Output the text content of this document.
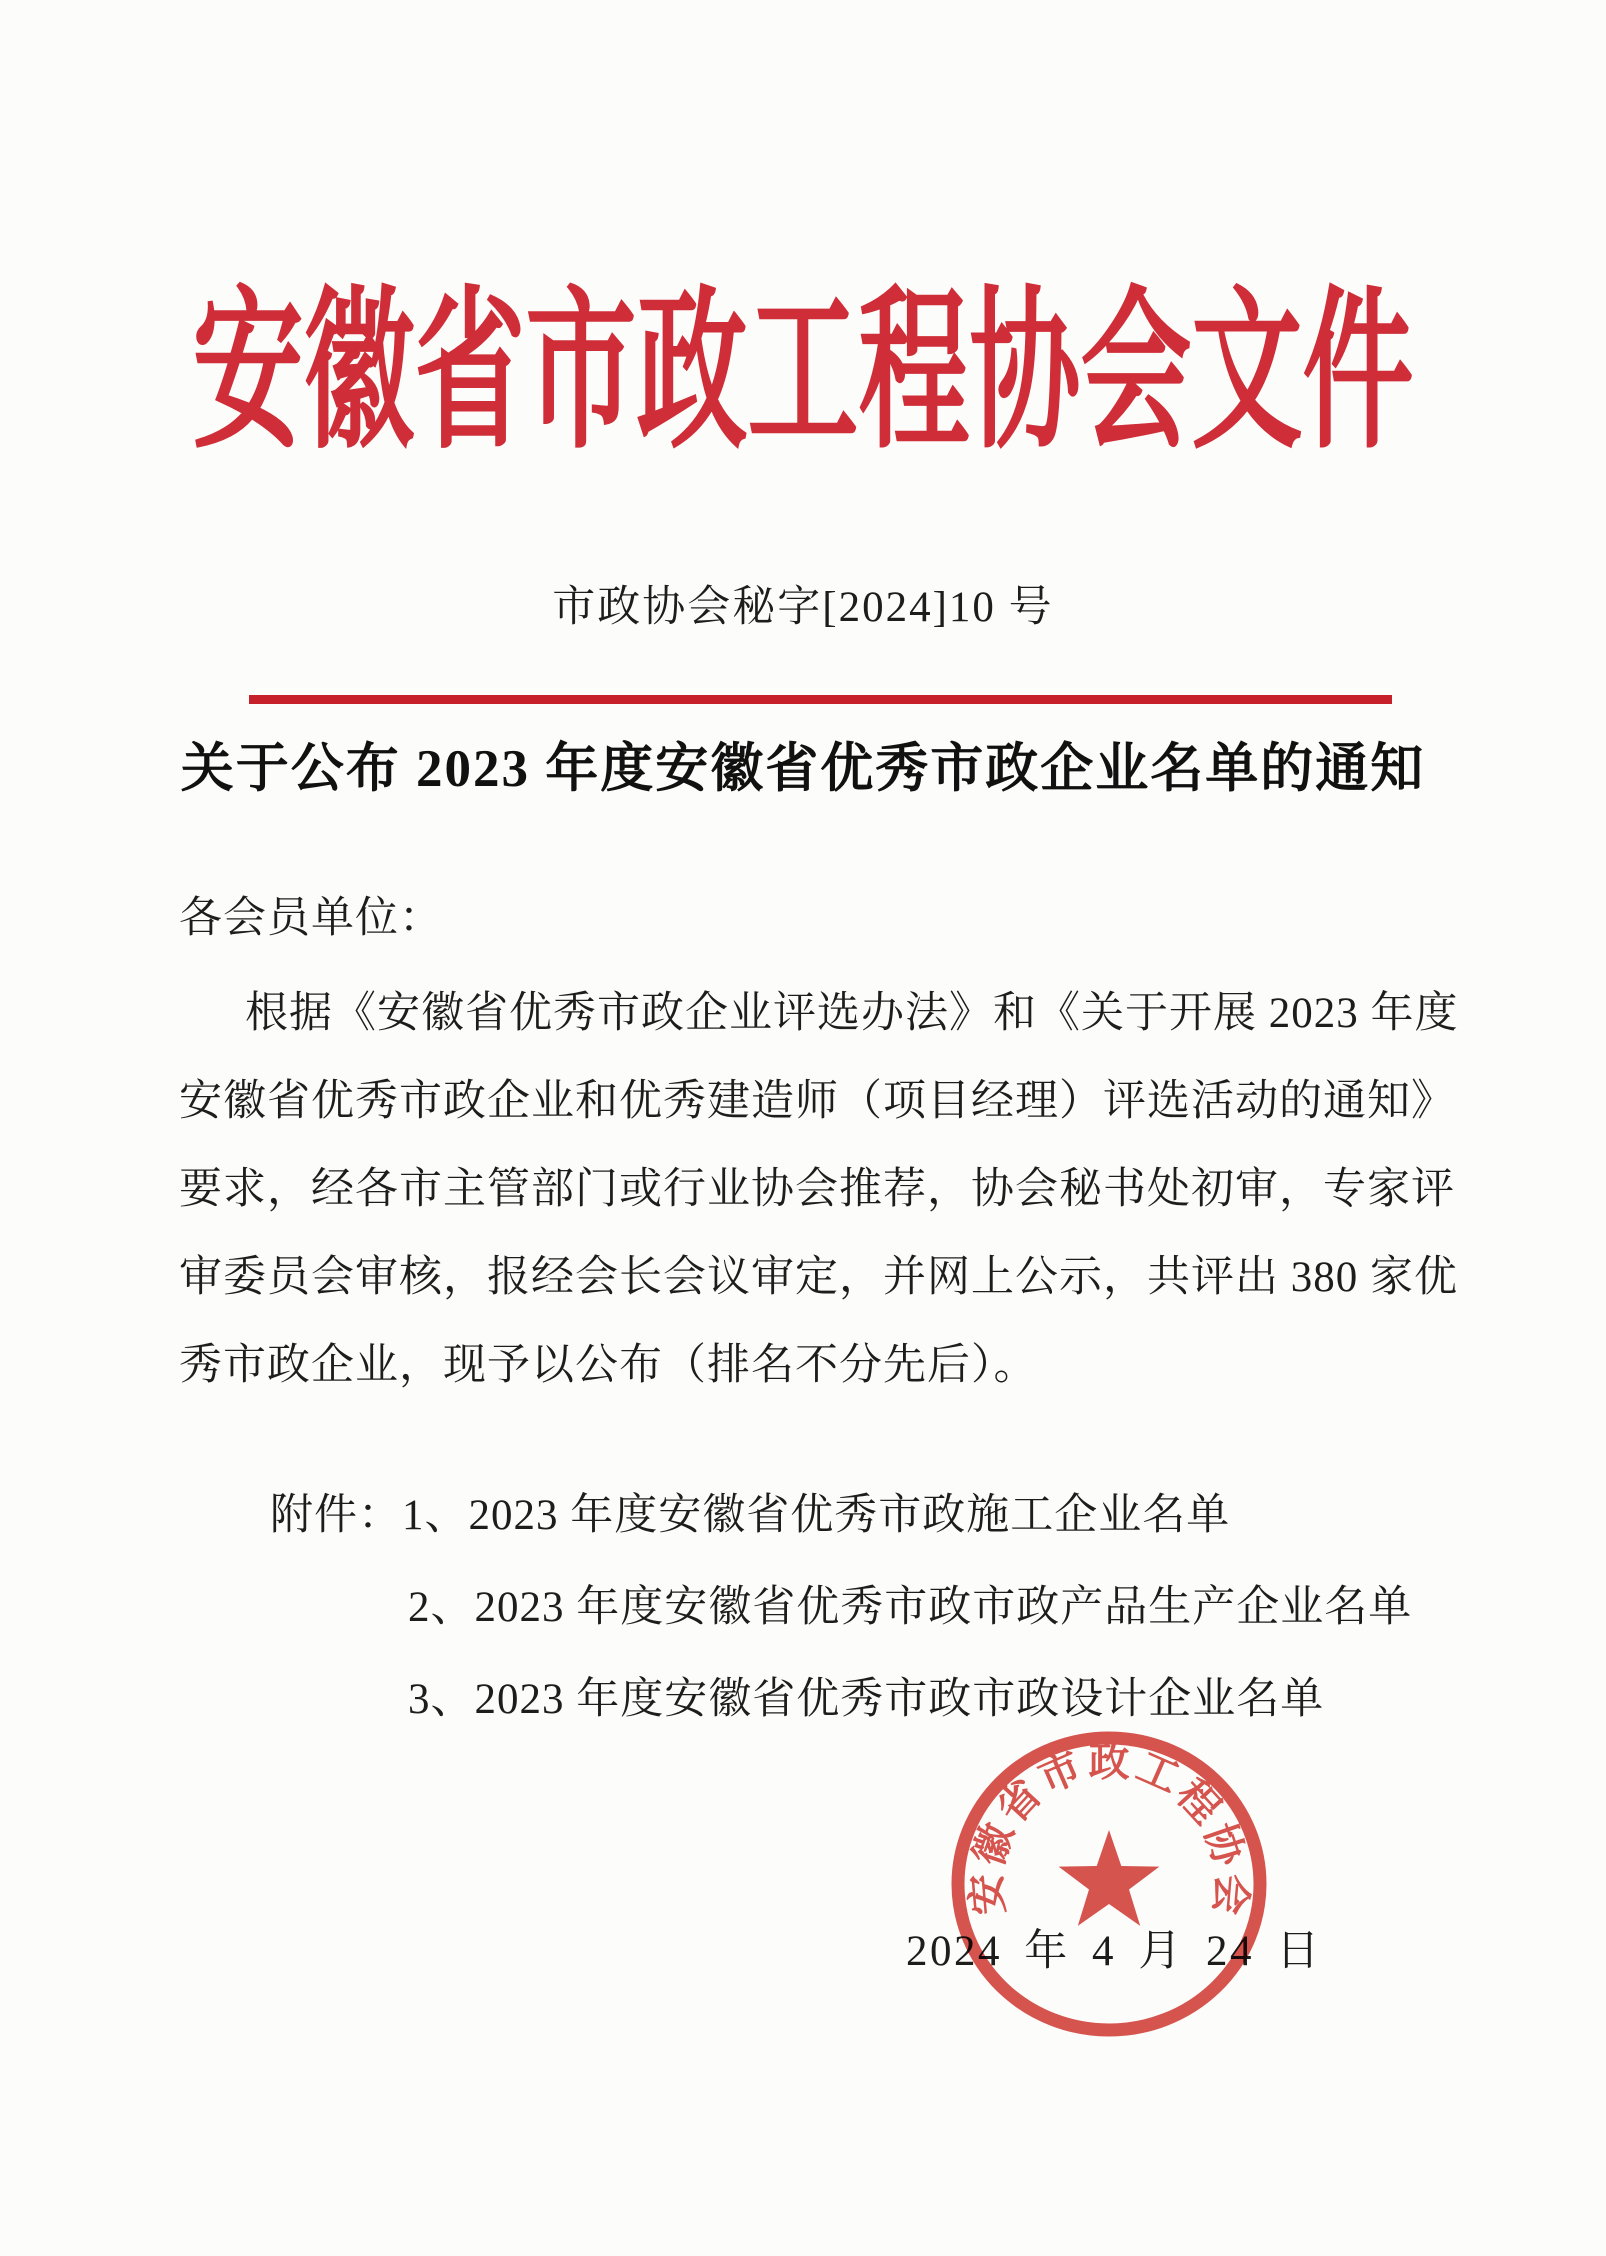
安徽省市政工程协会文件
市政协会秘字[2024]10 号
关于公布 2023 年度安徽省优秀市政企业名单的通知
各会员单位：

根据《安徽省优秀市政企业评选办法》和《关于开展 2023 年度

安徽省优秀市政企业和优秀建造师（项目经理）评选活动的通知》

要求，经各市主管部门或行业协会推荐，协会秘书处初审，专家评

审委员会审核，报经会长会议审定，并网上公示，共评出 380 家优

秀市政企业，现予以公布（排名不分先后）。

附件：1、2023 年度安徽省优秀市政施工企业名单
2、2023 年度安徽省优秀市政市政产品生产企业名单
3、2023 年度安徽省优秀市政市政设计企业名单
2024 年 4 月 24 日
安徽省市政工程协会
